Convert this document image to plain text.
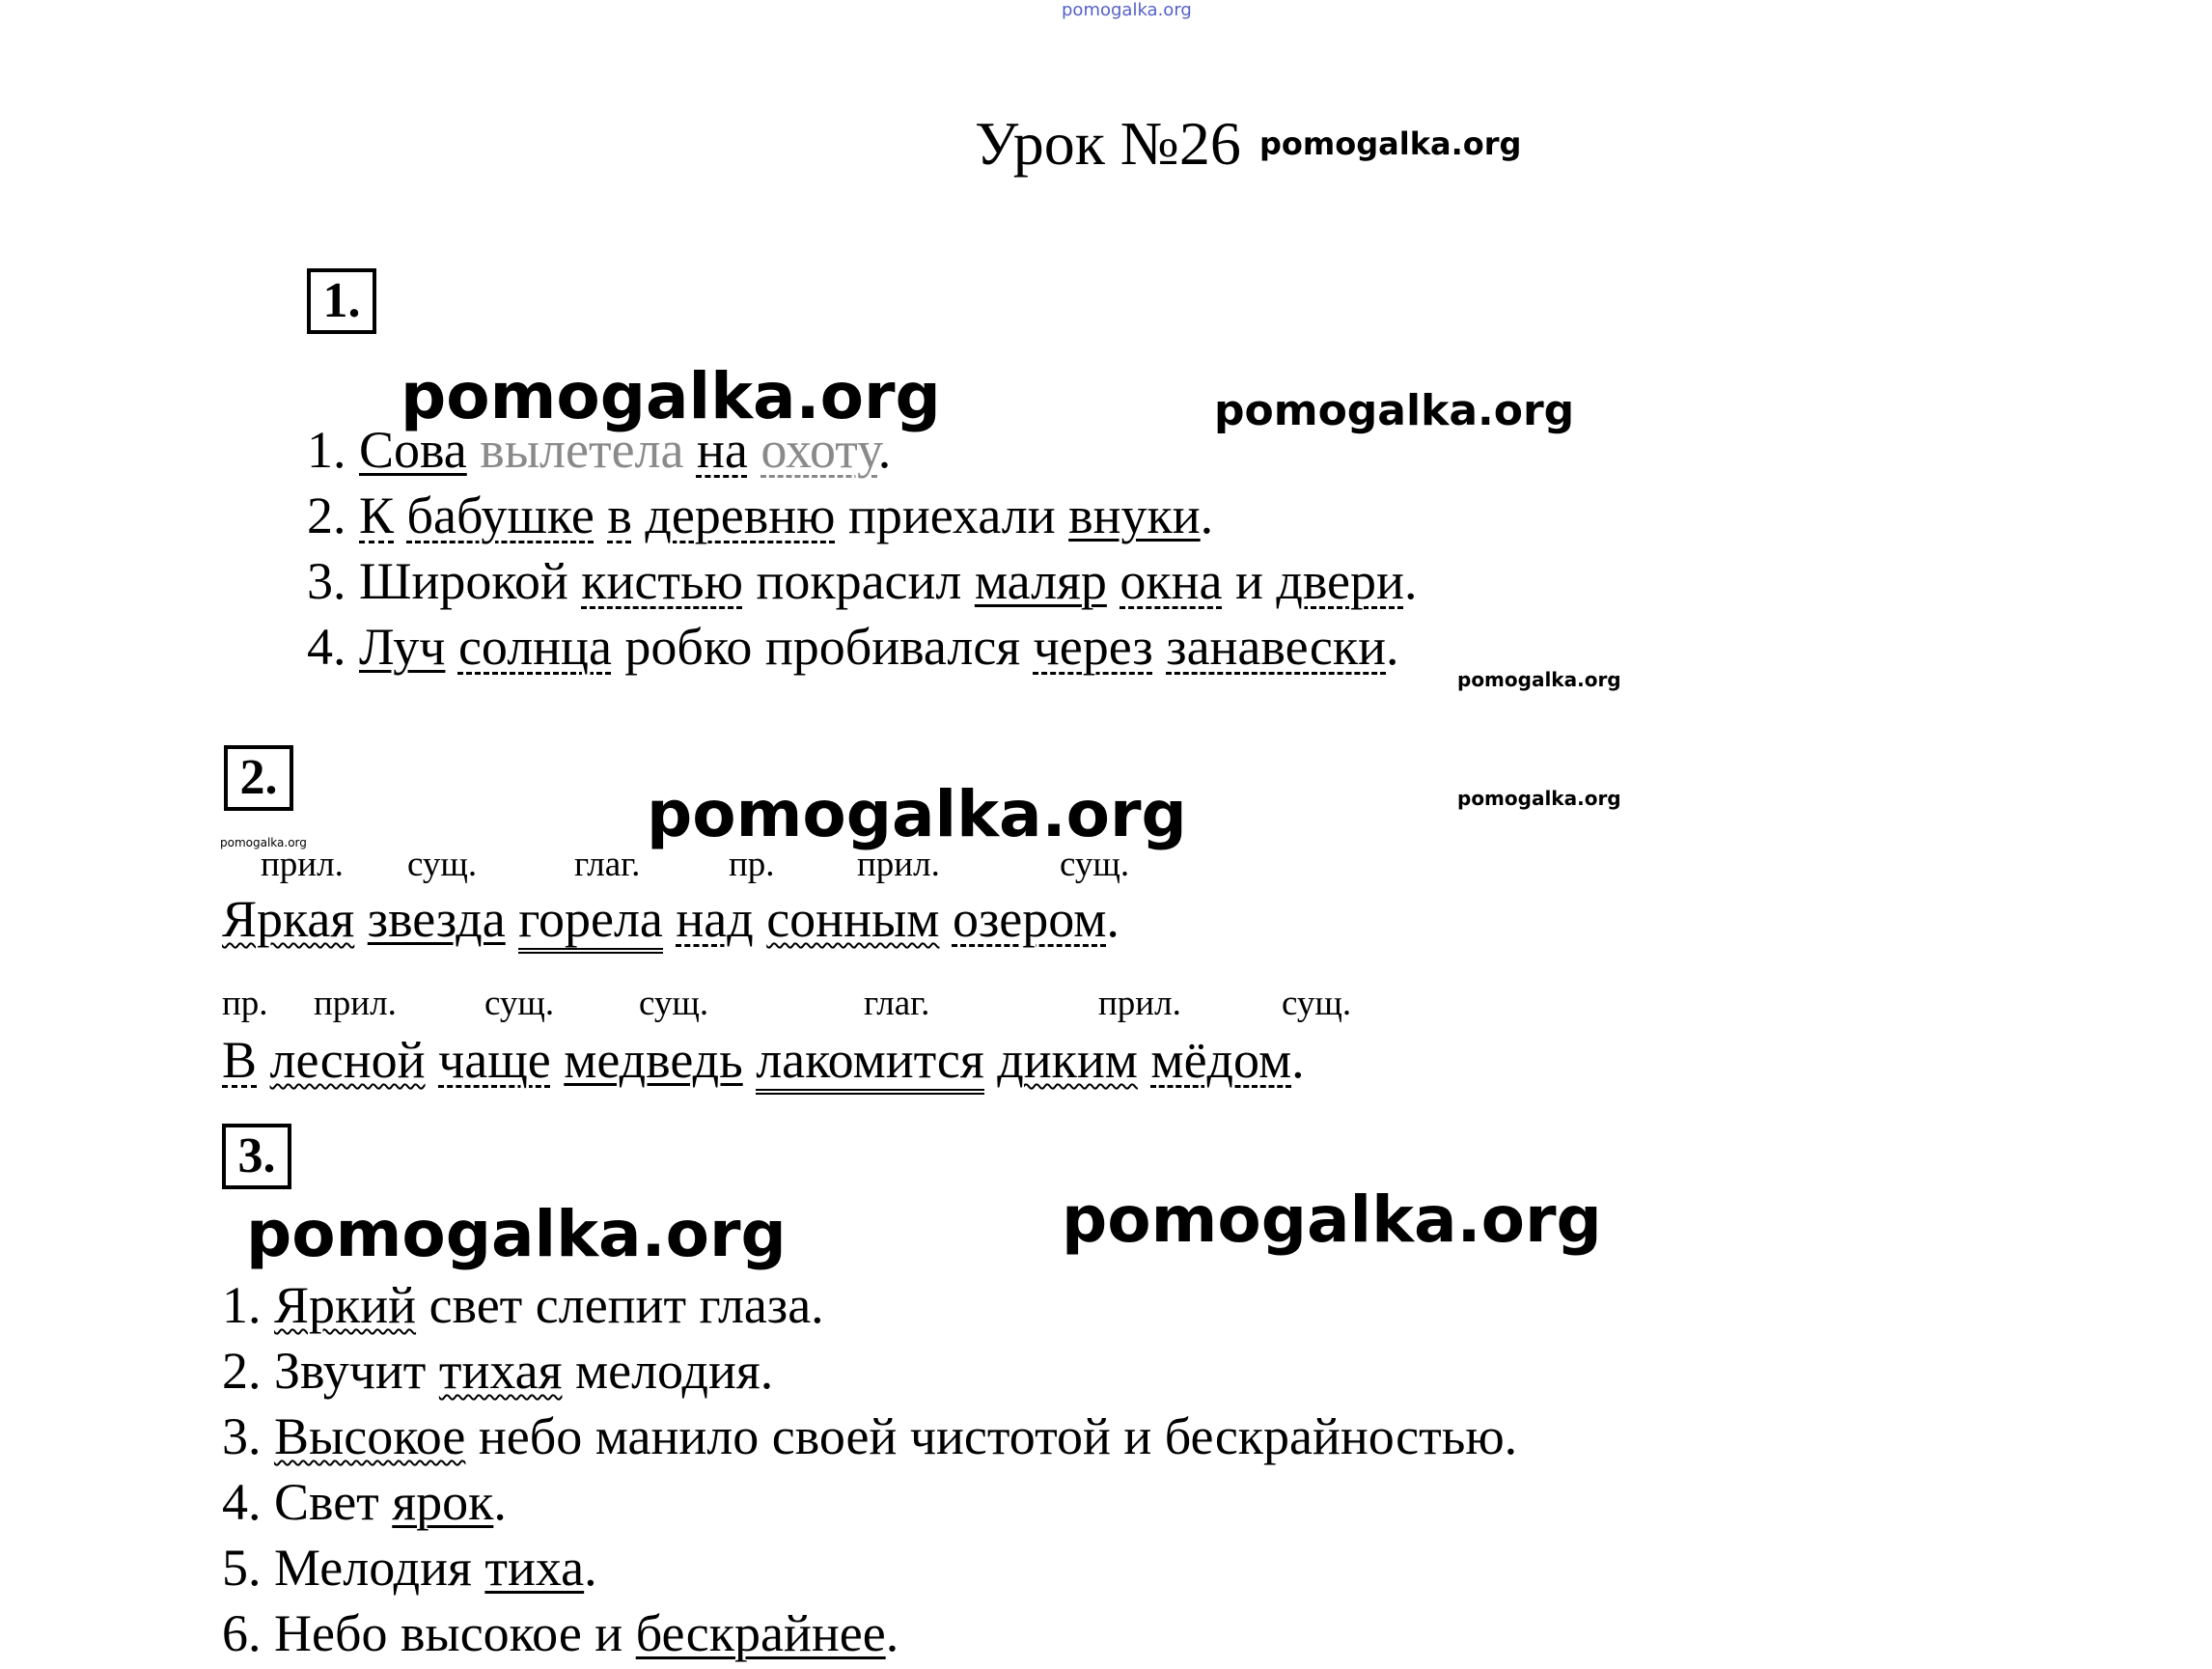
pomogalka.org
Урок №26 pomogalka.org
1.
pomogalka.org	pomogalka.org
1. Сова вылетела на охоту.
2. К бабушке в деревню приехали внуки.
3. Широкой кистью покрасил маляр окна и двери.
4. Луч солнца робко пробивался через занавески.
pomogalka.org
2.	pomogalka.org	pomogalka.org
pomogalka.org
прил. сущ.	глаг. пр. прил.	сущ.
Яркая звезда горела над сонным озером.
пр. прил. сущ. сущ.	глаг.	прил.	сущ.
В лесной чаще медведь лакомится диким мёдом.
3.
pomogalka.org	pomogalka.org
1. Яркий свет слепит глаза.
2. Звучит тихая мелодия.
3. Высокое небо манило своей чистотой и бескрайностью.
4. Свет ярок.
5. Мелодия тиха.
6. Небо высокое и бескрайнее.
